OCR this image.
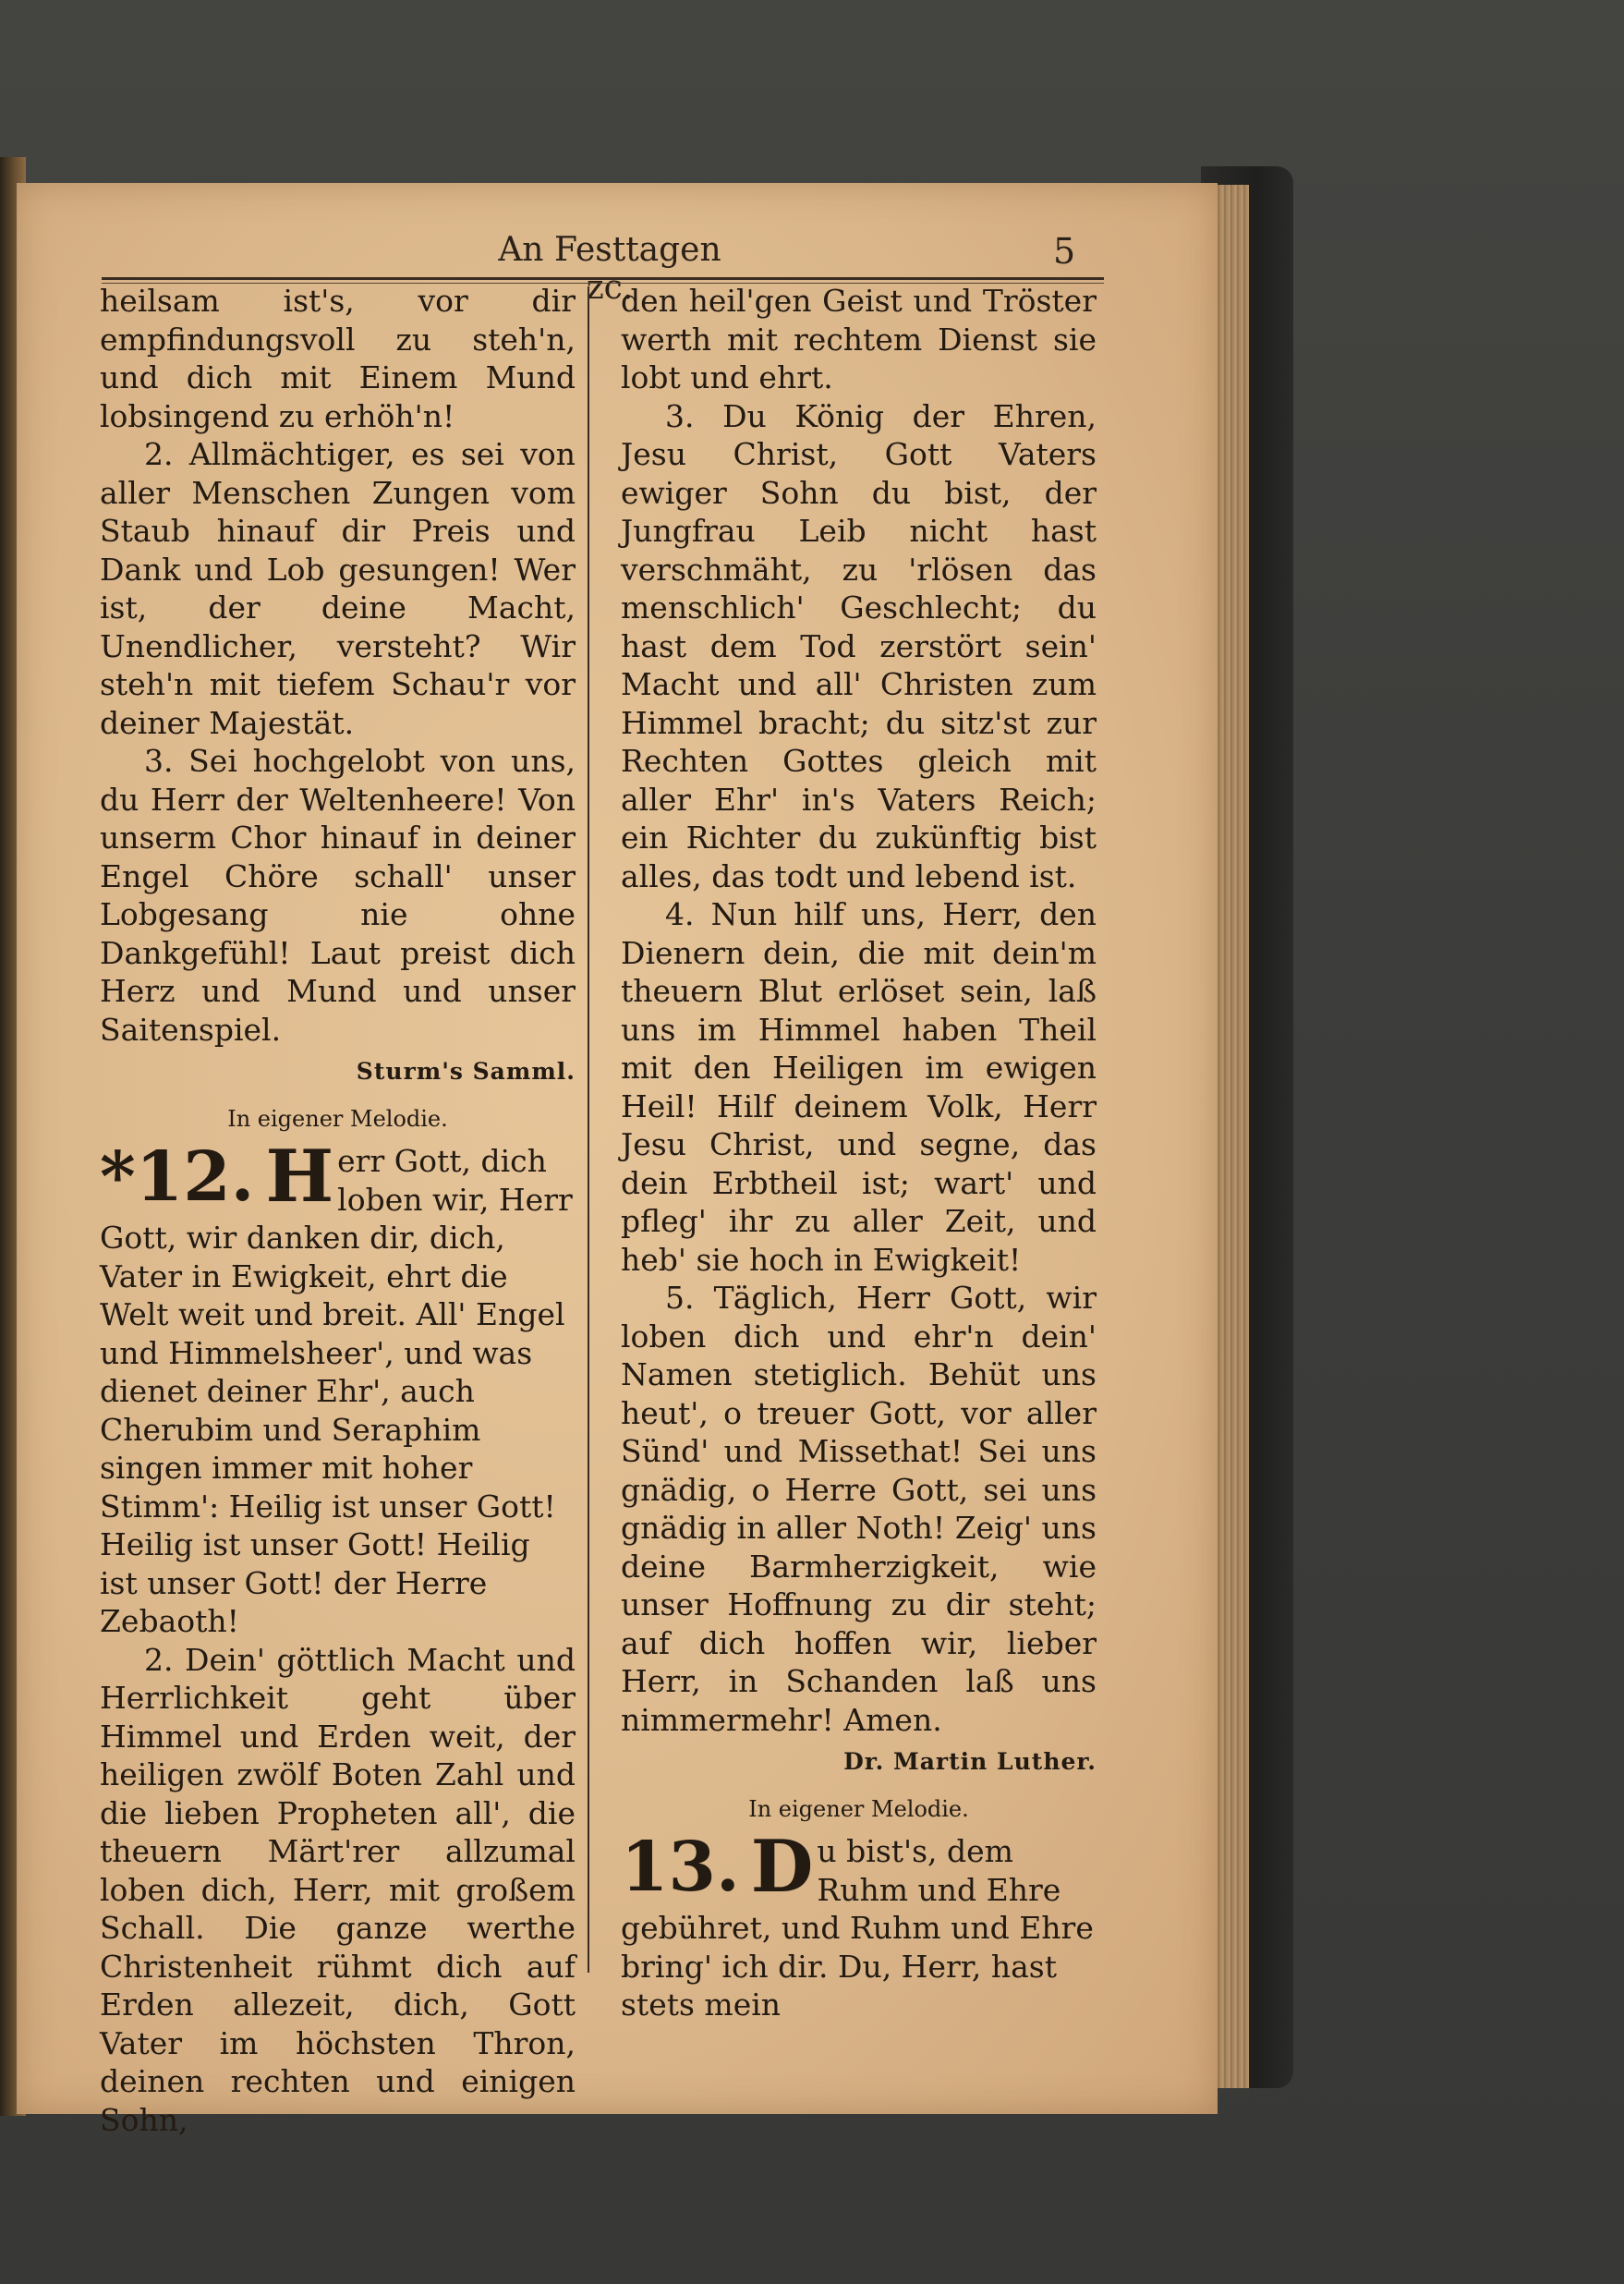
An Festtagen zc.
5

heilsam ist's, vor dir empfindungsvoll zu steh'n, und dich mit Einem Mund lobsingend zu erhöh'n!

2. Allmächtiger, es sei von aller Menschen Zungen vom Staub hinauf dir Preis und Dank und Lob gesungen! Wer ist, der deine Macht, Unendlicher, versteht? Wir steh'n mit tiefem Schau'r vor deiner Majestät.

3. Sei hochgelobt von uns, du Herr der Weltenheere! Von unserm Chor hinauf in deiner Engel Chöre schall' unser Lobgesang nie ohne Dankgefühl! Laut preist dich Herz und Mund und unser Saitenspiel.

Sturm's Samml.

In eigener Melodie.

*12. H err Gott, dich loben wir, Herr Gott, wir danken dir, dich, Vater in Ewigkeit, ehrt die Welt weit und breit. All' Engel und Himmelsheer', und was dienet deiner Ehr', auch Cherubim und Seraphim singen immer mit hoher Stimm': Heilig ist unser Gott! Heilig ist unser Gott! Heilig ist unser Gott! der Herre Zebaoth!

2. Dein' göttlich Macht und Herrlichkeit geht über Himmel und Erden weit, der heiligen zwölf Boten Zahl und die lieben Propheten all', die theuern Märt'rer allzumal loben dich, Herr, mit großem Schall. Die ganze werthe Christenheit rühmt dich auf Erden allezeit, dich, Gott Vater im höchsten Thron, deinen rechten und einigen Sohn,

den heil'gen Geist und Tröster werth mit rechtem Dienst sie lobt und ehrt.

3. Du König der Ehren, Jesu Christ, Gott Vaters ewiger Sohn du bist, der Jungfrau Leib nicht hast verschmäht, zu 'rlösen das menschlich' Geschlecht; du hast dem Tod zerstört sein' Macht und all' Christen zum Himmel bracht; du sitz'st zur Rechten Gottes gleich mit aller Ehr' in's Vaters Reich; ein Richter du zukünftig bist alles, das todt und lebend ist.

4. Nun hilf uns, Herr, den Dienern dein, die mit dein'm theuern Blut erlöset sein, laß uns im Himmel haben Theil mit den Heiligen im ewigen Heil! Hilf deinem Volk, Herr Jesu Christ, und segne, das dein Erbtheil ist; wart' und pfleg' ihr zu aller Zeit, und heb' sie hoch in Ewigkeit!

5. Täglich, Herr Gott, wir loben dich und ehr'n dein' Namen stetiglich. Behüt uns heut', o treuer Gott, vor aller Sünd' und Missethat! Sei uns gnädig, o Herre Gott, sei uns gnädig in aller Noth! Zeig' uns deine Barmherzigkeit, wie unser Hoffnung zu dir steht; auf dich hoffen wir, lieber Herr, in Schanden laß uns nimmermehr! Amen.

Dr. Martin Luther.

In eigener Melodie.

13. D u bist's, dem Ruhm und Ehre gebühret, und Ruhm und Ehre bring' ich dir. Du, Herr, hast stets mein
